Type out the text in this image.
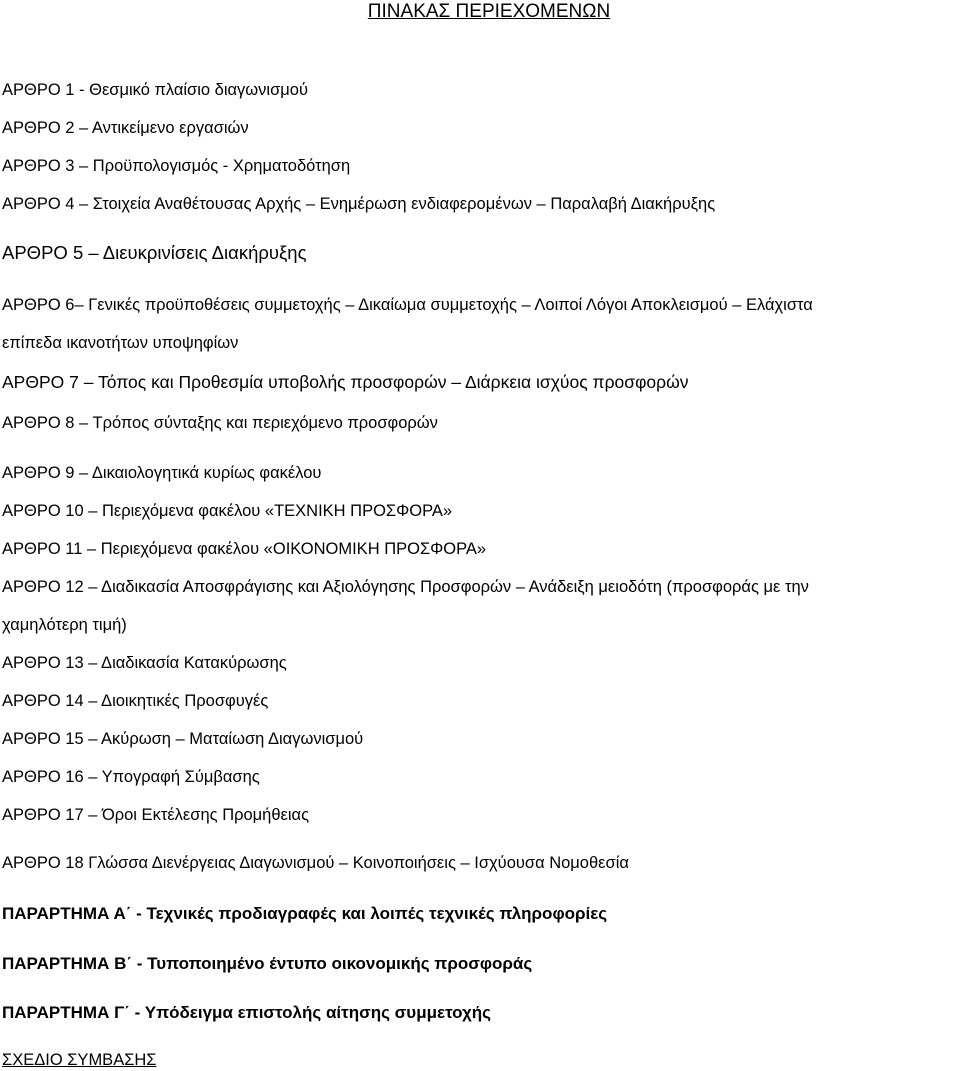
ΠΙΝΑΚΑΣ ΠΕΡΙΕΧΟΜΕΝΩΝ
ΑΡΘΡΟ 1 - Θεσμικό πλαίσιο διαγωνισμού
ΑΡΘΡΟ 2 – Αντικείμενο εργασιών
ΑΡΘΡΟ 3 – Προϋπολογισμός - Χρηματοδότηση
ΑΡΘΡΟ 4 – Στοιχεία Αναθέτουσας Αρχής – Ενημέρωση ενδιαφερομένων – Παραλαβή Διακήρυξης
ΑΡΘΡΟ 5 – Διευκρινίσεις Διακήρυξης
ΑΡΘΡΟ 6– Γενικές προϋποθέσεις συμμετοχής – Δικαίωμα συμμετοχής – Λοιποί Λόγοι Αποκλεισμού – Ελάχιστα
επίπεδα ικανοτήτων υποψηφίων
ΑΡΘΡΟ 7 – Τόπος και Προθεσμία υποβολής προσφορών – Διάρκεια ισχύος προσφορών
ΑΡΘΡΟ 8 – Τρόπος σύνταξης και περιεχόμενο προσφορών
ΑΡΘΡΟ 9 – Δικαιολογητικά κυρίως φακέλου
ΑΡΘΡΟ 10 – Περιεχόμενα φακέλου «ΤΕΧΝΙΚΗ ΠΡΟΣΦΟΡΑ»
ΑΡΘΡΟ 11 – Περιεχόμενα φακέλου «ΟΙΚΟΝΟΜΙΚΗ ΠΡΟΣΦΟΡΑ»
ΑΡΘΡΟ 12 – Διαδικασία Αποσφράγισης και Αξιολόγησης Προσφορών – Ανάδειξη μειοδότη (προσφοράς με την
χαμηλότερη τιμή)
ΑΡΘΡΟ 13 – Διαδικασία Κατακύρωσης
ΑΡΘΡΟ 14 – Διοικητικές Προσφυγές
ΑΡΘΡΟ 15 – Ακύρωση – Ματαίωση Διαγωνισμού
ΑΡΘΡΟ 16 – Υπογραφή Σύμβασης
ΑΡΘΡΟ 17 – Όροι Εκτέλεσης Προμήθειας
ΑΡΘΡΟ 18 Γλώσσα Διενέργειας Διαγωνισμού – Κοινοποιήσεις – Ισχύουσα Νομοθεσία
ΠΑΡΑΡΤΗΜΑ Α΄ - Τεχνικές προδιαγραφές και λοιπές τεχνικές πληροφορίες
ΠΑΡΑΡΤΗΜΑ Β΄ - Τυποποιημένο έντυπο οικονομικής προσφοράς
ΠΑΡΑΡΤΗΜΑ Γ΄ - Υπόδειγμα επιστολής αίτησης συμμετοχής
ΣΧΕΔΙΟ ΣΥΜΒΑΣΗΣ
